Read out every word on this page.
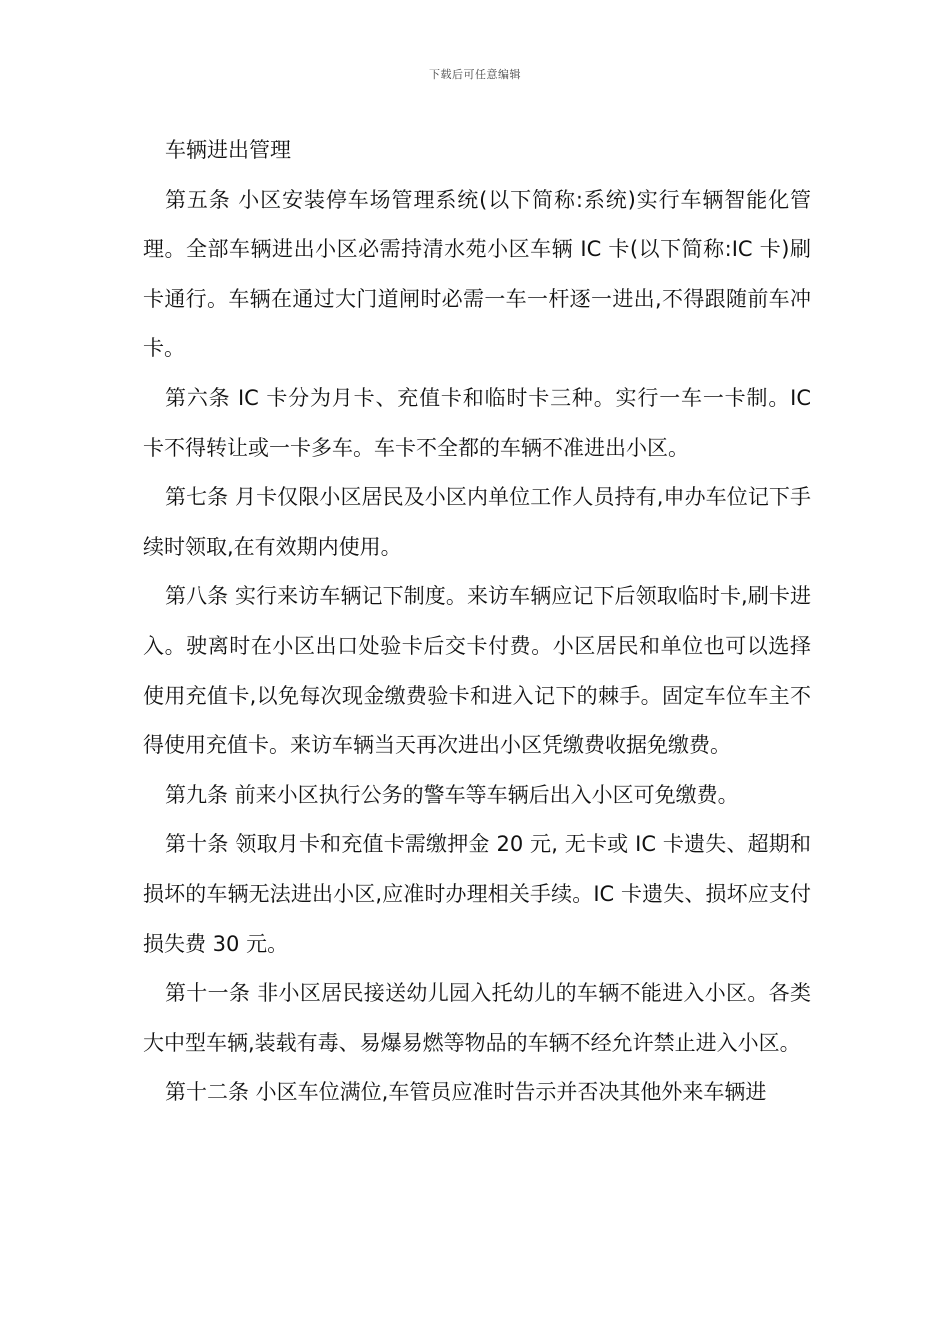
下载后可任意编辑

车辆进出管理

第五条 小区安装停车场管理系统(以下简称:系统)实行车辆智能化管理。全部车辆进出小区必需持清水苑小区车辆 IC 卡(以下简称:IC 卡)刷卡通行。车辆在通过大门道闸时必需一车一杆逐一进出,不得跟随前车冲卡。

第六条 IC 卡分为月卡、充值卡和临时卡三种。实行一车一卡制。IC 卡不得转让或一卡多车。车卡不全都的车辆不准进出小区。

第七条 月卡仅限小区居民及小区内单位工作人员持有,申办车位记下手续时领取,在有效期内使用。

第八条 实行来访车辆记下制度。来访车辆应记下后领取临时卡,刷卡进入。驶离时在小区出口处验卡后交卡付费。小区居民和单位也可以选择使用充值卡,以免每次现金缴费验卡和进入记下的棘手。固定车位车主不得使用充值卡。来访车辆当天再次进出小区凭缴费收据免缴费。

第九条 前来小区执行公务的警车等车辆后出入小区可免缴费。

第十条 领取月卡和充值卡需缴押金 20 元, 无卡或 IC 卡遗失、超期和损坏的车辆无法进出小区,应准时办理相关手续。IC 卡遗失、损坏应支付损失费 30 元。

第十一条 非小区居民接送幼儿园入托幼儿的车辆不能进入小区。各类大中型车辆,装载有毒、易爆易燃等物品的车辆不经允许禁止进入小区。

第十二条 小区车位满位,车管员应准时告示并否决其他外来车辆进
